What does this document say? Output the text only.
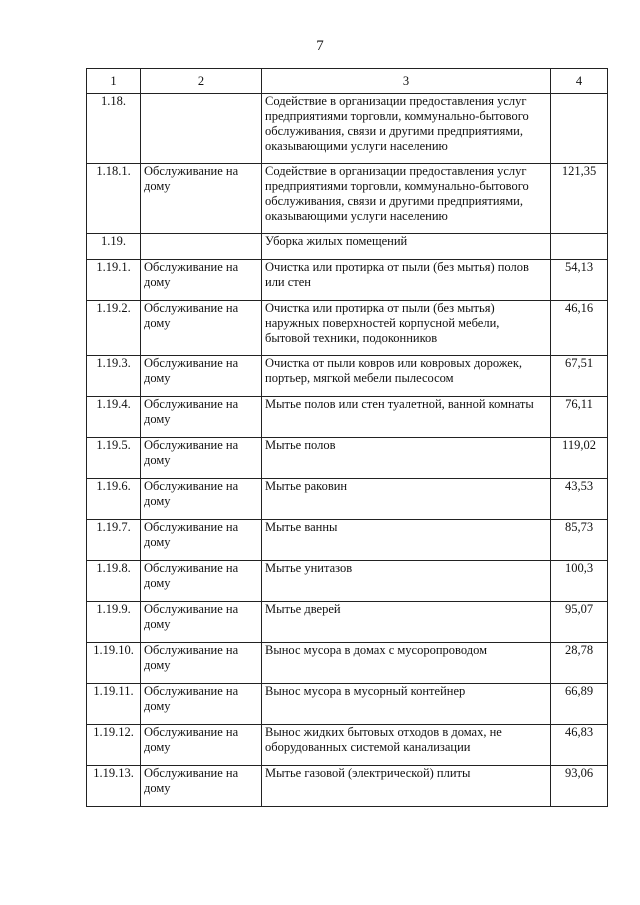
7
1	2	3	4
1.18.		Содействие в организации предоставления услуг предприятиями торговли, коммунально-бытового обслуживания, связи и другими предприятиями, оказывающими услуги населению	
1.18.1.	Обслуживание на дому	Содействие в организации предоставления услуг предприятиями торговли, коммунально-бытового обслуживания, связи и другими предприятиями, оказывающими услуги населению	121,35
1.19.		Уборка жилых помещений	
1.19.1.	Обслуживание на дому	Очистка или протирка от пыли (без мытья) полов или стен	54,13
1.19.2.	Обслуживание на дому	Очистка или протирка от пыли (без мытья) наружных поверхностей корпусной мебели, бытовой техники, подоконников	46,16
1.19.3.	Обслуживание на дому	Очистка от пыли ковров или ковровых дорожек, портьер, мягкой мебели пылесосом	67,51
1.19.4.	Обслуживание на дому	Мытье полов или стен туалетной, ванной комнаты	76,11
1.19.5.	Обслуживание на дому	Мытье полов	119,02
1.19.6.	Обслуживание на дому	Мытье раковин	43,53
1.19.7.	Обслуживание на дому	Мытье ванны	85,73
1.19.8.	Обслуживание на дому	Мытье унитазов	100,3
1.19.9.	Обслуживание на дому	Мытье дверей	95,07
1.19.10.	Обслуживание на дому	Вынос мусора в домах с мусоропроводом	28,78
1.19.11.	Обслуживание на дому	Вынос мусора в мусорный контейнер	66,89
1.19.12.	Обслуживание на дому	Вынос жидких бытовых отходов в домах, не оборудованных системой канализации	46,83
1.19.13.	Обслуживание на дому	Мытье газовой (электрической) плиты	93,06
